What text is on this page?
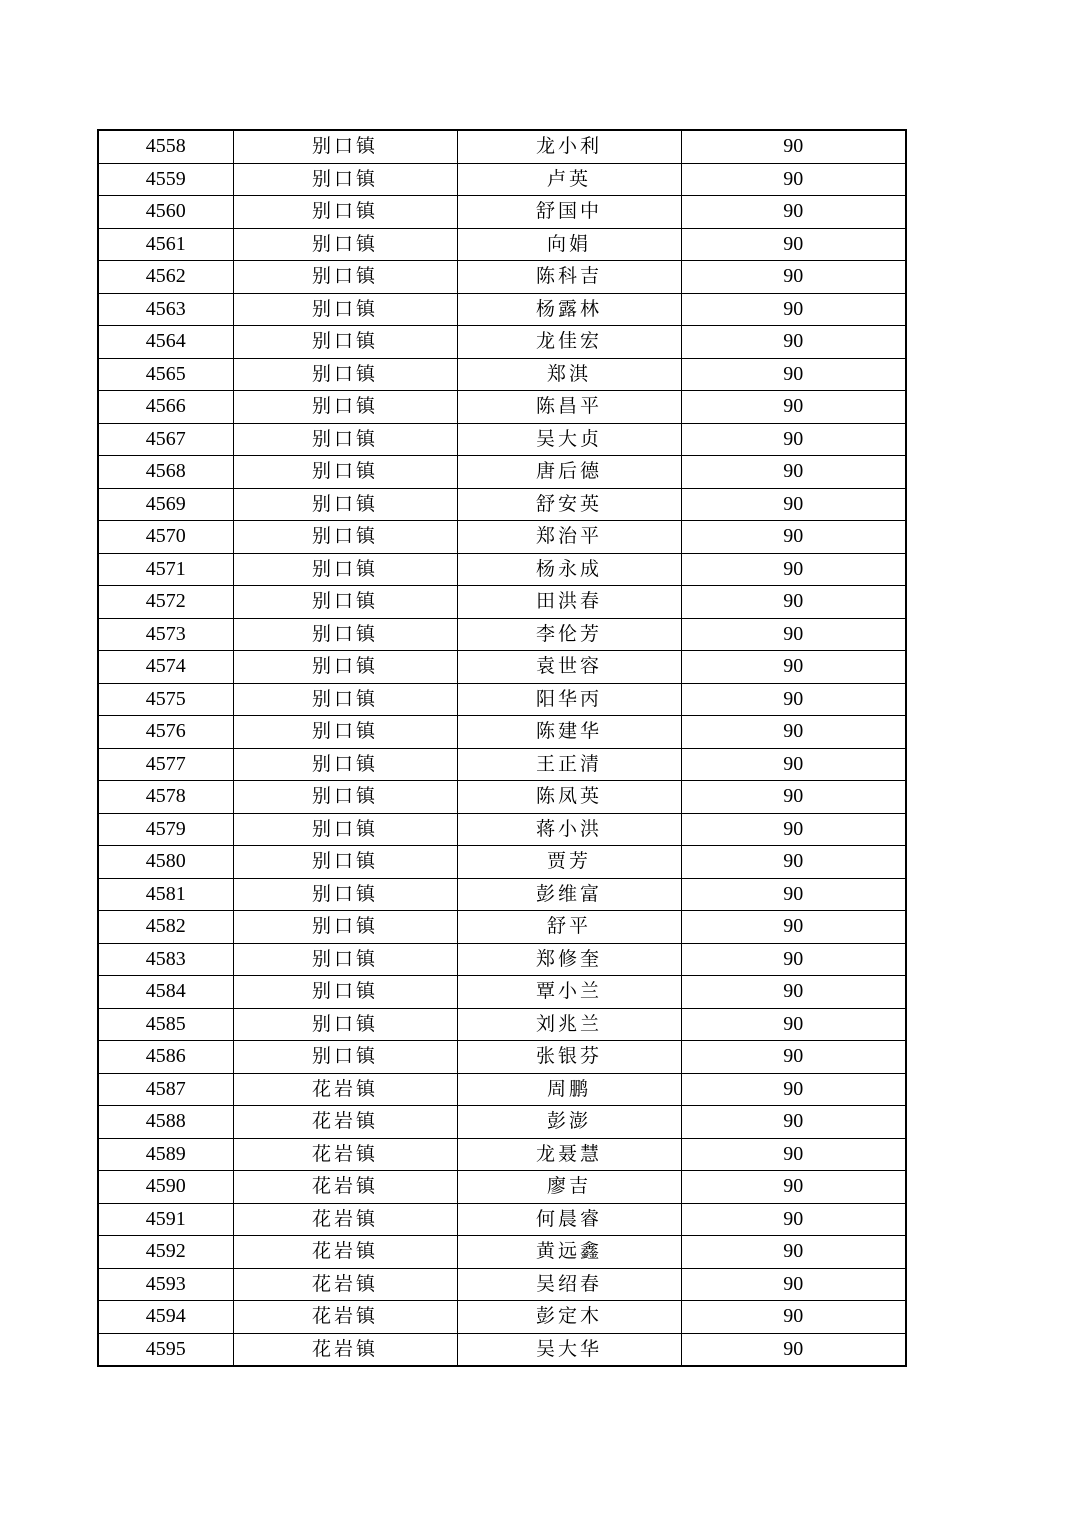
4558	别口镇	龙小利	90
4559	别口镇	卢英	90
4560	别口镇	舒国中	90
4561	别口镇	向娟	90
4562	别口镇	陈科吉	90
4563	别口镇	杨露林	90
4564	别口镇	龙佳宏	90
4565	别口镇	郑淇	90
4566	别口镇	陈昌平	90
4567	别口镇	吴大贞	90
4568	别口镇	唐后德	90
4569	别口镇	舒安英	90
4570	别口镇	郑治平	90
4571	别口镇	杨永成	90
4572	别口镇	田洪春	90
4573	别口镇	李伦芳	90
4574	别口镇	袁世容	90
4575	别口镇	阳华丙	90
4576	别口镇	陈建华	90
4577	别口镇	王正清	90
4578	别口镇	陈凤英	90
4579	别口镇	蒋小洪	90
4580	别口镇	贾芳	90
4581	别口镇	彭维富	90
4582	别口镇	舒平	90
4583	别口镇	郑修奎	90
4584	别口镇	覃小兰	90
4585	别口镇	刘兆兰	90
4586	别口镇	张银芬	90
4587	花岩镇	周鹏	90
4588	花岩镇	彭澎	90
4589	花岩镇	龙聂慧	90
4590	花岩镇	廖吉	90
4591	花岩镇	何晨睿	90
4592	花岩镇	黄远鑫	90
4593	花岩镇	吴绍春	90
4594	花岩镇	彭定木	90
4595	花岩镇	吴大华	90
